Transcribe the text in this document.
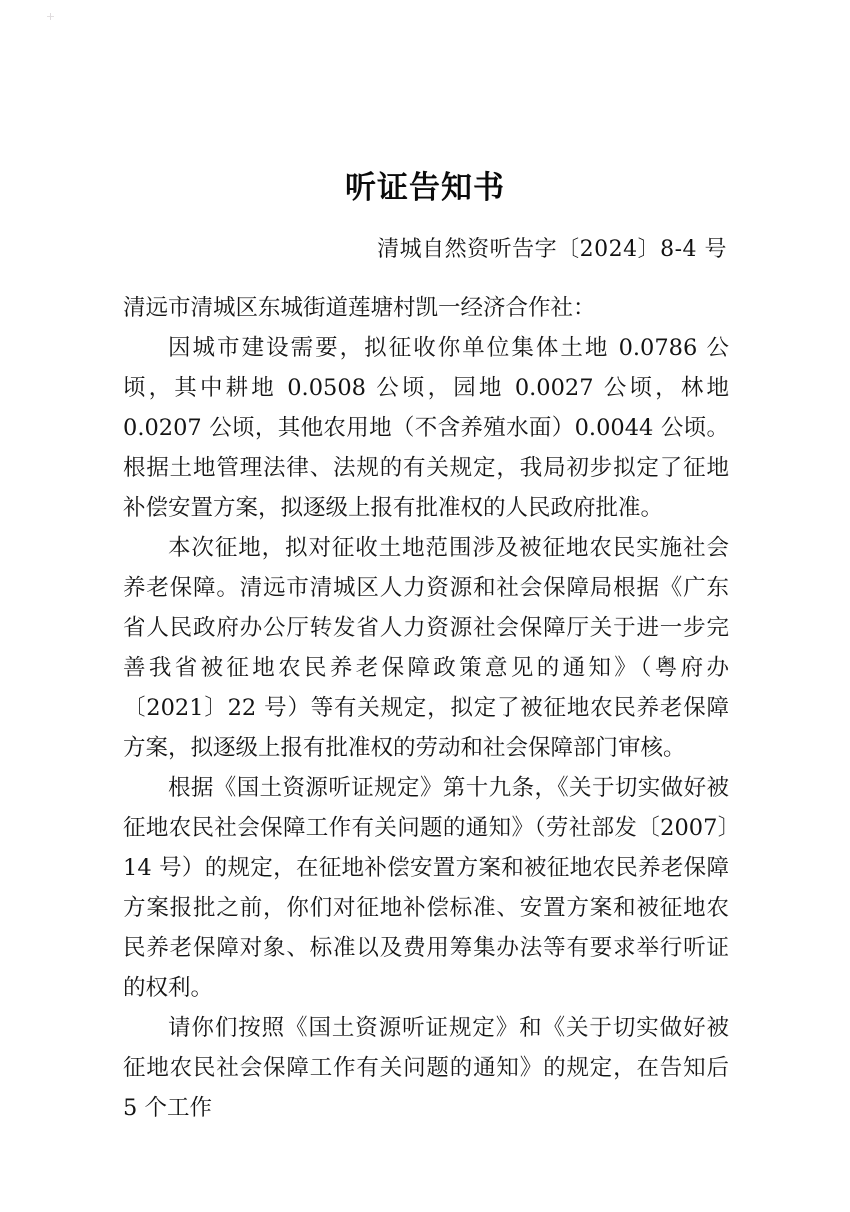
听证告知书
清城自然资听告字〔2024〕8-4 号

清远市清城区东城街道莲塘村凯一经济合作社：

因城市建设需要，拟征收你单位集体土地 0.0786 公顷，其中耕地 0.0508 公顷，园地 0.0027 公顷，林地 0.0207 公顷，其他农用地（不含养殖水面）0.0044 公顷。根据土地管理法律、法规的有关规定，我局初步拟定了征地补偿安置方案，拟逐级上报有批准权的人民政府批准。

本次征地，拟对征收土地范围涉及被征地农民实施社会养老保障。清远市清城区人力资源和社会保障局根据《广东省人民政府办公厅转发省人力资源社会保障厅关于进一步完善我省被征地农民养老保障政策意见的通知》（粤府办〔2021〕22 号）等有关规定，拟定了被征地农民养老保障方案，拟逐级上报有批准权的劳动和社会保障部门审核。

根据《国土资源听证规定》第十九条，《关于切实做好被征地农民社会保障工作有关问题的通知》（劳社部发〔2007〕14 号）的规定，在征地补偿安置方案和被征地农民养老保障方案报批之前，你们对征地补偿标准、安置方案和被征地农民养老保障对象、标准以及费用筹集办法等有要求举行听证的权利。

请你们按照《国土资源听证规定》和《关于切实做好被征地农民社会保障工作有关问题的通知》的规定，在告知后 5 个工作
